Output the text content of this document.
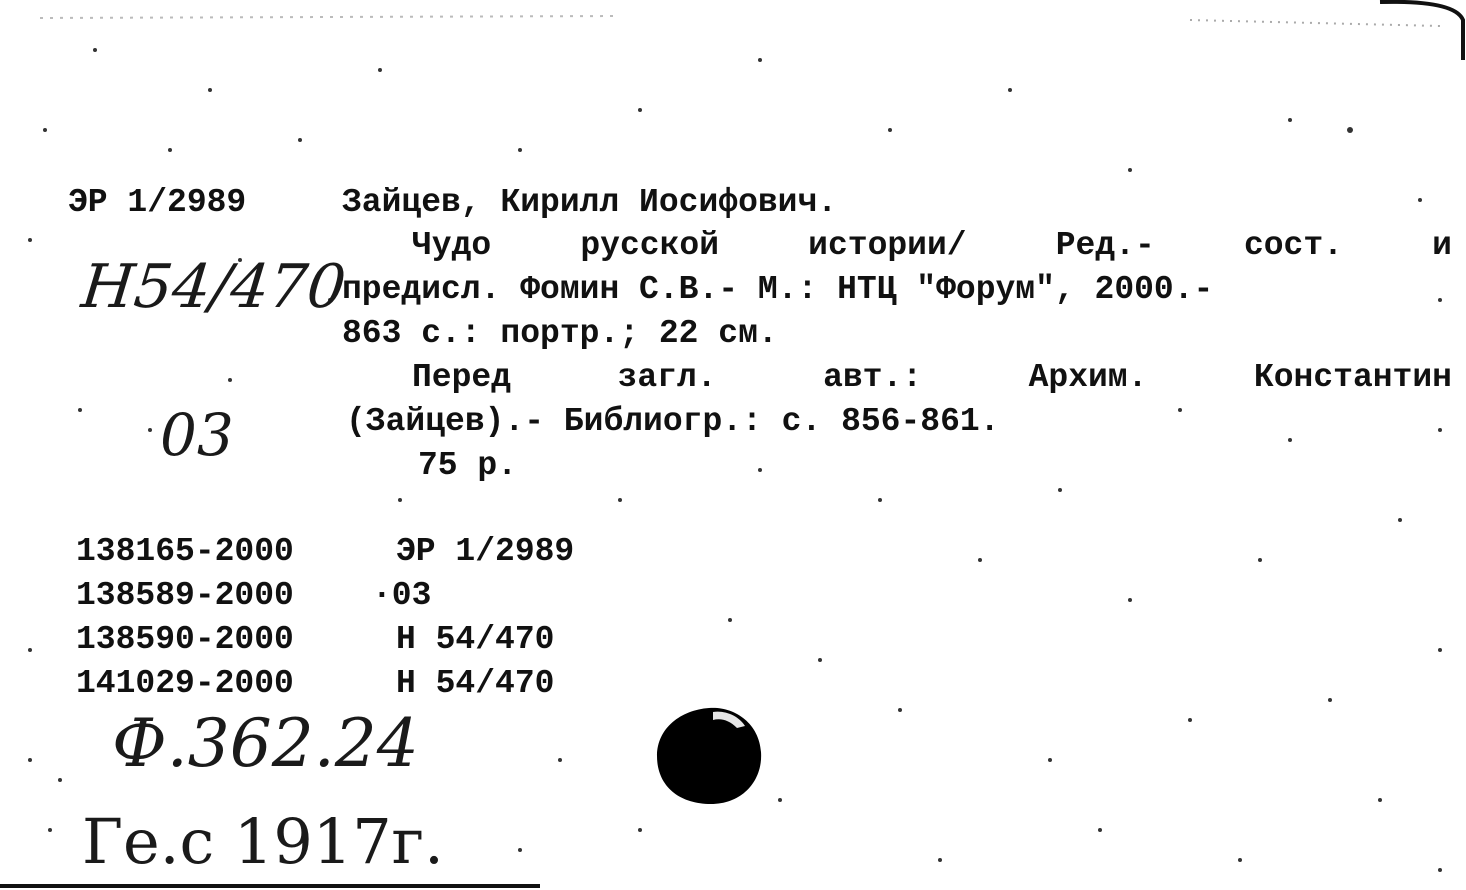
ЭР 1/2989
Н54/470
03
Ф.362.24
Ге.с 1917г.
Зайцев, Кирилл Иосифович.
Чудо	русской	истории/	Ред.-	сост.	и
предисл. Фомин С.В.- М.: НТЦ "Форум", 2000.-
863 с.: портр.; 22 см.
Перед	загл.	авт.:	Архим.	Константин
(Зайцев).- Библиогр.: с. 856-861.
75 р.
138165-2000	ЭР 1/2989
138589-2000 ·03
138590-2000	Н 54/470
141029-2000	Н 54/470
